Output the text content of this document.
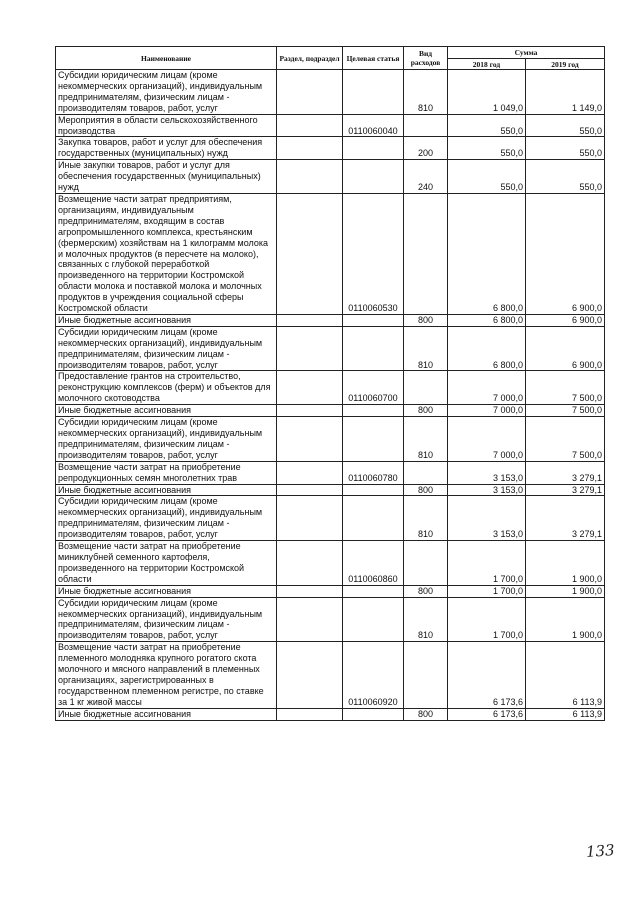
Наименование	Раздел, подраздел	Целевая статья	Вид расходов	Сумма	
				2018 год	2019 год
Субсидии юридическим лицам (кроме некоммерческих организаций), индивидуальным предпринимателям, физическим лицам - производителям товаров, работ, услуг			810	1 049,0	1 149,0
Мероприятия в области сельскохозяйственного производства		0110060040		550,0	550,0
Закупка товаров, работ и услуг для обеспечения государственных (муниципальных) нужд			200	550,0	550,0
Иные закупки товаров, работ и услуг для обеспечения государственных (муниципальных) нужд			240	550,0	550,0
Возмещение части затрат предприятиям, организациям, индивидуальным предпринимателям, входящим в состав агропромышленного комплекса, крестьянским (фермерским) хозяйствам на 1 килограмм молока и молочных продуктов (в пересчете на молоко), связанных с глубокой переработкой произведенного на территории Костромской области молока и поставкой молока и молочных продуктов в учреждения социальной сферы Костромской области		0110060530		6 800,0	6 900,0
Иные бюджетные ассигнования			800	6 800,0	6 900,0
Субсидии юридическим лицам (кроме некоммерческих организаций), индивидуальным предпринимателям, физическим лицам - производителям товаров, работ, услуг			810	6 800,0	6 900,0
Предоставление грантов на строительство, реконструкцию комплексов (ферм) и объектов для молочного скотоводства		0110060700		7 000,0	7 500,0
Иные бюджетные ассигнования			800	7 000,0	7 500,0
Субсидии юридическим лицам (кроме некоммерческих организаций), индивидуальным предпринимателям, физическим лицам - производителям товаров, работ, услуг			810	7 000,0	7 500,0
Возмещение части затрат на приобретение репродукционных семян многолетних трав		0110060780		3 153,0	3 279,1
Иные бюджетные ассигнования			800	3 153,0	3 279,1
Субсидии юридическим лицам (кроме некоммерческих организаций), индивидуальным предпринимателям, физическим лицам - производителям товаров, работ, услуг			810	3 153,0	3 279,1
Возмещение части затрат на приобретение миниклубней семенного картофеля, произведенного на территории Костромской области		0110060860		1 700,0	1 900,0
Иные бюджетные ассигнования			800	1 700,0	1 900,0
Субсидии юридическим лицам (кроме некоммерческих организаций), индивидуальным предпринимателям, физическим лицам - производителям товаров, работ, услуг			810	1 700,0	1 900,0
Возмещение части затрат на приобретение племенного молодняка крупного рогатого скота молочного и мясного направлений в племенных организациях, зарегистрированных в государственном племенном регистре, по ставке за 1 кг живой массы		0110060920		6 173,6	6 113,9
Иные бюджетные ассигнования			800	6 173,6	6 113,9
133
